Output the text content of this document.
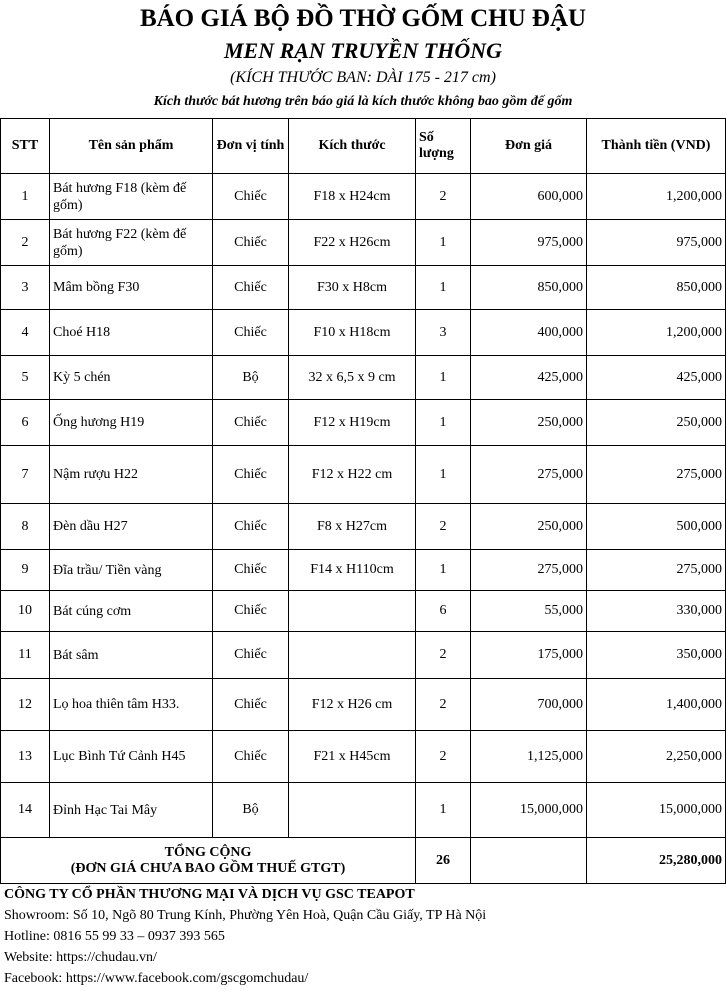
BÁO GIÁ BỘ ĐỒ THỜ GỐM CHU ĐẬU
MEN RẠN TRUYỀN THỐNG
(KÍCH THƯỚC BAN: DÀI 175 - 217 cm)
Kích thước bát hương trên báo giá là kích thước không bao gồm đế gốm
STT	Tên sản phẩm	Đơn vị tính	Kích thước	Số lượng	Đơn giá	Thành tiền (VND)
1	Bát hương F18 (kèm đế gốm)	Chiếc	F18 x H24cm	2	600,000	1,200,000
2	Bát hương F22 (kèm đế gốm)	Chiếc	F22 x H26cm	1	975,000	975,000
3	Mâm bồng F30	Chiếc	F30 x H8cm	1	850,000	850,000
4	Choé H18	Chiếc	F10 x H18cm	3	400,000	1,200,000
5	Kỳ 5 chén	Bộ	32 x 6,5 x 9 cm	1	425,000	425,000
6	Ống hương H19	Chiếc	F12 x H19cm	1	250,000	250,000
7	Nậm rượu H22	Chiếc	F12 x H22 cm	1	275,000	275,000
8	Đèn dầu H27	Chiếc	F8 x H27cm	2	250,000	500,000
9	Đĩa trầu/ Tiền vàng	Chiếc	F14 x H110cm	1	275,000	275,000
10	Bát cúng cơm	Chiếc		6	55,000	330,000
11	Bát sâm	Chiếc		2	175,000	350,000
12	Lọ hoa thiên tâm H33.	Chiếc	F12 x H26 cm	2	700,000	1,400,000
13	Lục Bình Tứ Cảnh H45	Chiếc	F21 x H45cm	2	1,125,000	2,250,000
14	Đỉnh Hạc Tai Mây	Bộ		1	15,000,000	15,000,000

TỔNG CỘNG
(ĐƠN GIÁ CHƯA BAO GỒM THUẾ GTGT)				26		25,280,000
CÔNG TY CỔ PHẦN THƯƠNG MẠI VÀ DỊCH VỤ GSC TEAPOT
Showroom: Số 10, Ngõ 80 Trung Kính, Phường Yên Hoà, Quận Cầu Giấy, TP Hà Nội
Hotline: 0816 55 99 33 – 0937 393 565
Website: https://chudau.vn/
Facebook: https://www.facebook.com/gscgomchudau/
